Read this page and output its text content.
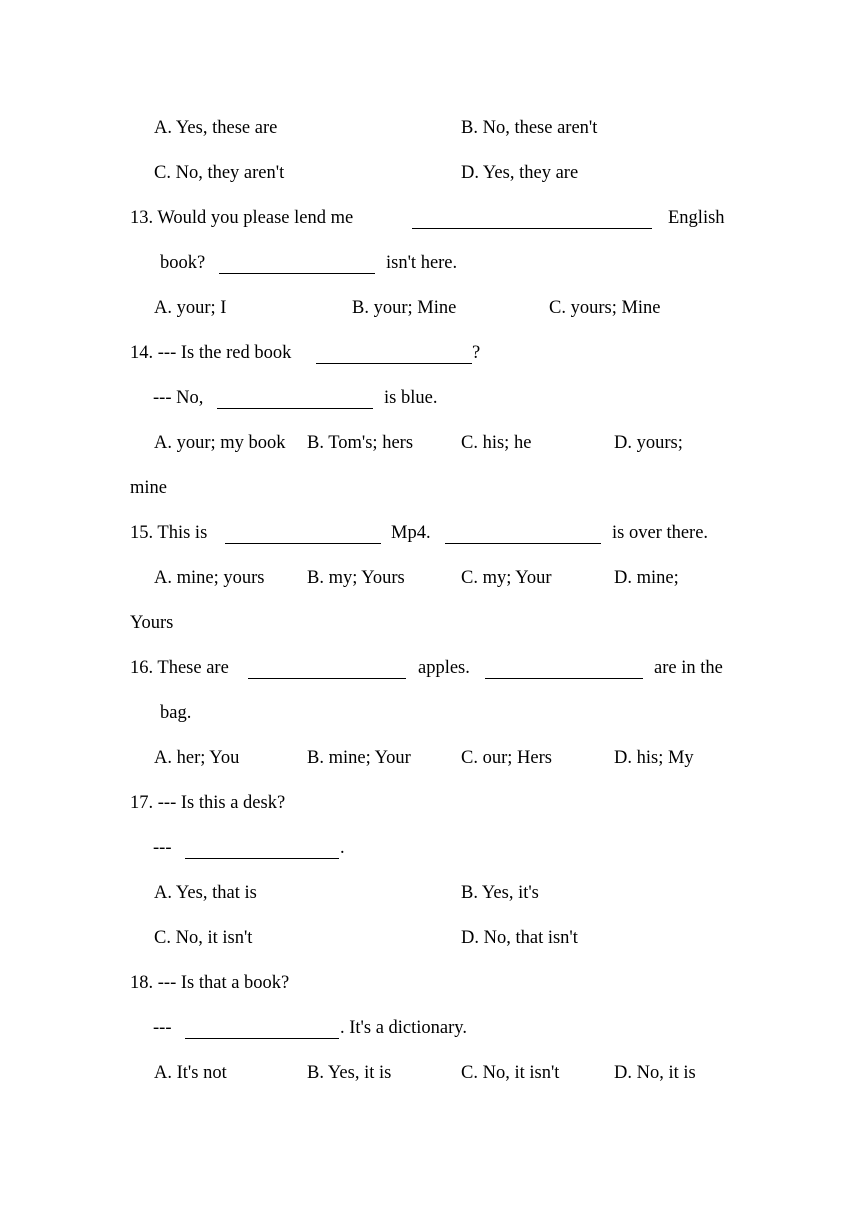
A. Yes, these are	B. No, these aren't
C. No, they aren't	D. Yes, they are
13. Would you please lend me	English
book?	isn't here.
A. your; I	B. your; Mine	C. yours; Mine
14. --- Is the red book	?
--- No,	is blue.
A. your; my book B. Tom's; hers	C. his; he	D. yours;
mine
15. This is	Mp4.	is over there.
A. mine; yours B. my; Yours	C. my; Your	D. mine;
Yours
16. These are	apples.	are in the
bag.
A. her; You	B. mine; Your	C. our; Hers	D. his; My
17. --- Is this a desk?
---	.
A. Yes, that is	B. Yes, it's
C. No, it isn't	D. No, that isn't
18. --- Is that a book?
---	. It's a dictionary.
A. It's not	B. Yes, it is	C. No, it isn't	D. No, it is
